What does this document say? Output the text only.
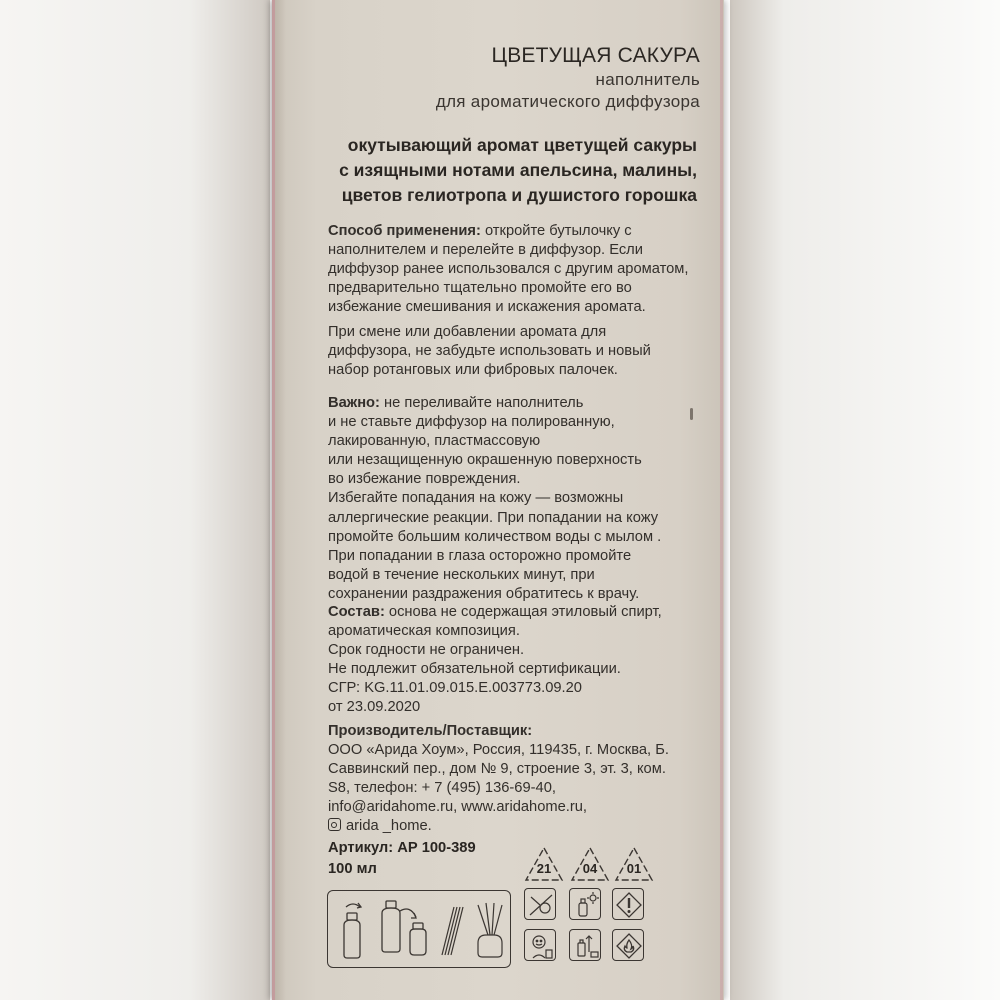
ЦВЕТУЩАЯ САКУРА
наполнитель
для ароматического диффузора
окутывающий аромат цветущей сакуры
с изящными нотами апельсина, малины,
цветов гелиотропа и душистого горошка
Способ применения: откройте бутылочку с
наполнителем и перелейте в диффузор. Если
диффузор ранее использовался с другим ароматом,
предварительно тщательно промойте его во
избежание смешивания и искажения аромата.
При смене или добавлении аромата для
диффузора, не забудьте использовать и новый
набор ротанговых или фибровых палочек.
Важно: не переливайте наполнитель
и не ставьте диффузор на полированную,
лакированную, пластмассовую
или незащищенную окрашенную поверхность
во избежание повреждения.
Избегайте попадания на кожу — возможны
аллергические реакции. При попадании на кожу
промойте большим количеством воды с мылом .
При попадании в глаза осторожно промойте
водой в течение нескольких минут, при
сохранении раздражения обратитесь к врачу.
Состав: основа не содержащая этиловый спирт,
ароматическая композиция.
Срок годности не ограничен.
Не подлежит обязательной сертификации.
СГР: KG.11.01.09.015.Е.003773.09.20
от 23.09.2020
Производитель/Поставщик:
ООО «Арида Хоум», Россия, 119435, г. Москва, Б.
Саввинский пер., дом № 9, строение 3, эт. 3, ком.
S8, телефон: + 7 (495) 136-69-40,
info@aridahome.ru, www.aridahome.ru,
arida _home.
Артикул: АР 100-389
100 мл	21	04	01
